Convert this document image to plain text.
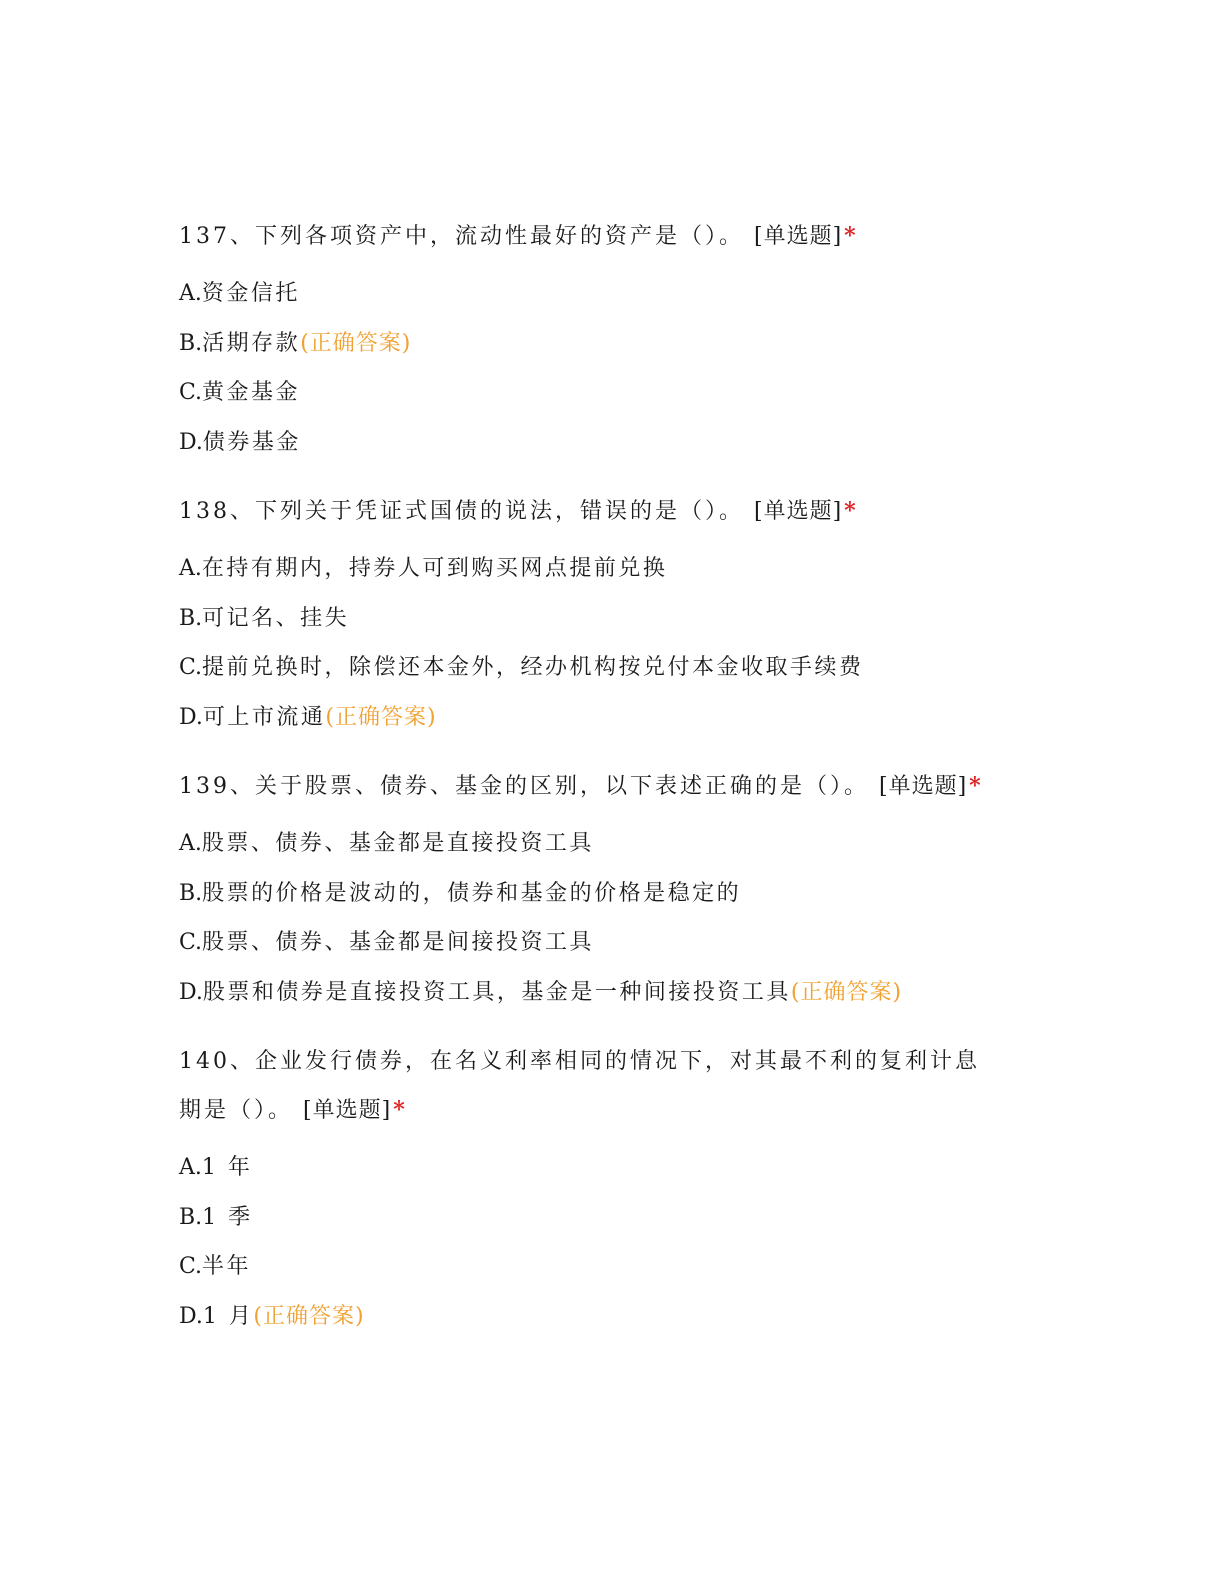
137、下列各项资产中，流动性最好的资产是（）。 [单选题]*

A.资金信托

B.活期存款(正确答案)

C.黄金基金

D.债券基金

138、下列关于凭证式国债的说法，错误的是（）。 [单选题]*

A.在持有期内，持券人可到购买网点提前兑换

B.可记名、挂失

C.提前兑换时，除偿还本金外，经办机构按兑付本金收取手续费

D.可上市流通(正确答案)

139、关于股票、债券、基金的区别，以下表述正确的是（）。 [单选题]*

A.股票、债券、基金都是直接投资工具

B.股票的价格是波动的，债券和基金的价格是稳定的

C.股票、债券、基金都是间接投资工具

D.股票和债券是直接投资工具，基金是一种间接投资工具(正确答案)

140、企业发行债券，在名义利率相同的情况下，对其最不利的复利计息期是（）。 [单选题]*

A.1 年

B.1 季

C.半年

D.1 月(正确答案)
